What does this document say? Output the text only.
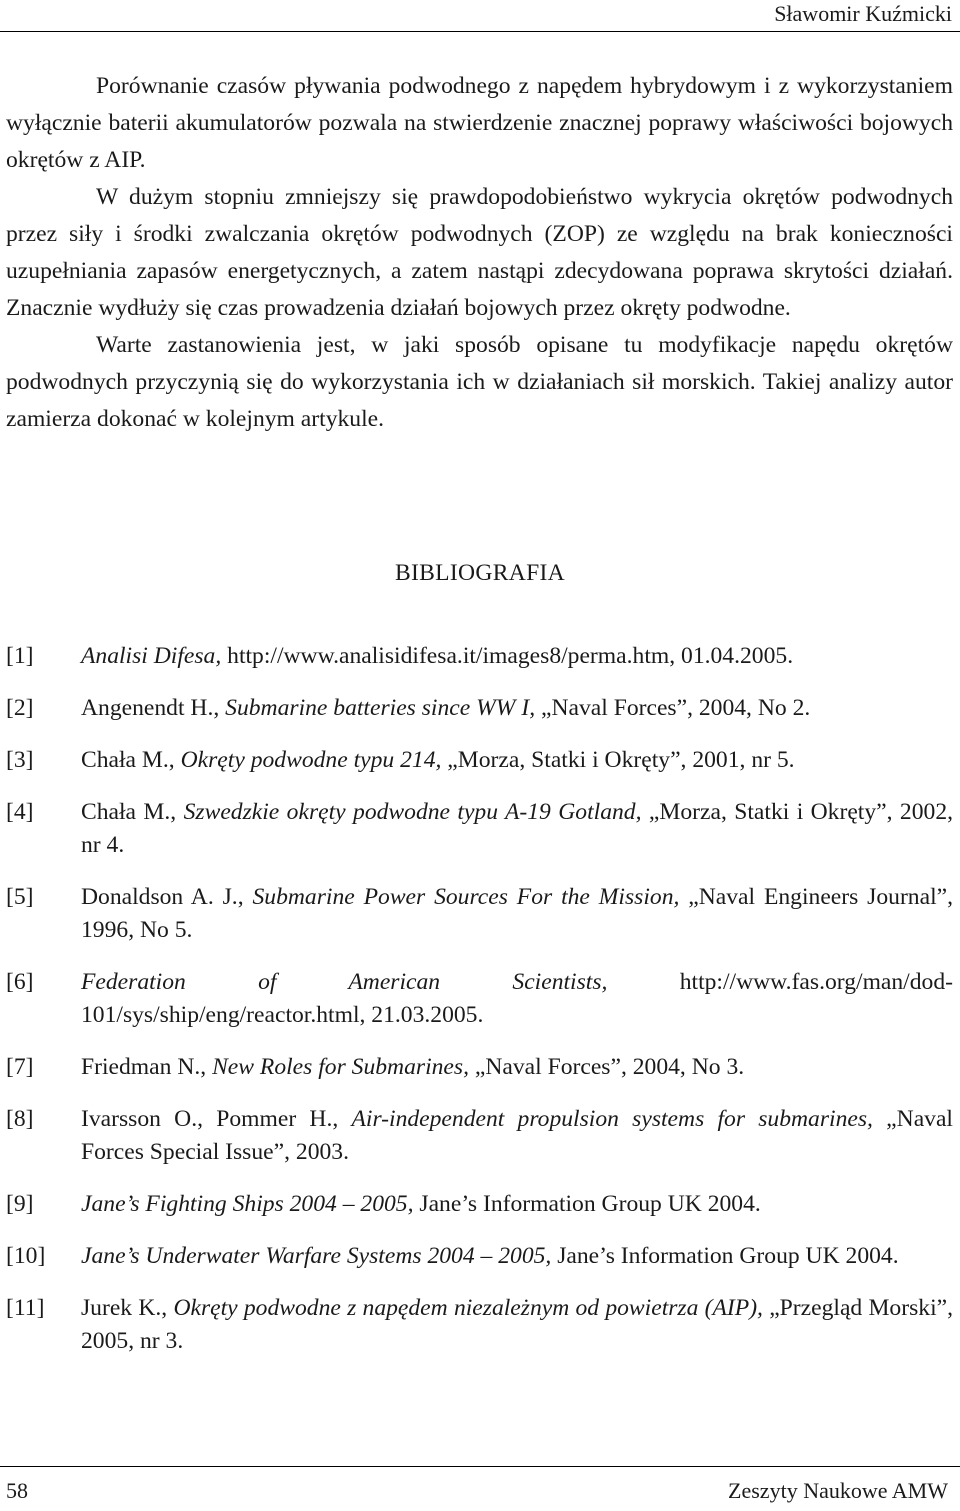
Sławomir Kuźmicki

Porównanie czasów pływania podwodnego z napędem hybrydowym i z wykorzystaniem wyłącznie baterii akumulatorów pozwala na stwierdzenie znacznej poprawy właściwości bojowych okrętów z AIP.

W dużym stopniu zmniejszy się prawdopodobieństwo wykrycia okrętów podwodnych przez siły i środki zwalczania okrętów podwodnych (ZOP) ze względu na brak konieczności uzupełniania zapasów energetycznych, a zatem nastąpi zdecydowana poprawa skrytości działań. Znacznie wydłuży się czas prowadzenia działań bojowych przez okręty podwodne.

Warte zastanowienia jest, w jaki sposób opisane tu modyfikacje napędu okrętów podwodnych przyczynią się do wykorzystania ich w działaniach sił morskich. Takiej analizy autor zamierza dokonać w kolejnym artykule.

BIBLIOGRAFIA
[1] Analisi Difesa, http://www.analisidifesa.it/images8/perma.htm, 01.04.2005.
[2] Angenendt H., Submarine batteries since WW I, „Naval Forces”, 2004, No 2.
[3] Chała M., Okręty podwodne typu 214, „Morza, Statki i Okręty”, 2001, nr 5.
[4] Chała M., Szwedzkie okręty podwodne typu A-19 Gotland, „Morza, Statki i Okręty”, 2002, nr 4.
[5] Donaldson A. J., Submarine Power Sources For the Mission, „Naval Engineers Journal”, 1996, No 5.
[6] Federation of American Scientists, http://www.fas.org/man/dod-101/sys/ship/eng/reactor.html, 21.03.2005.
[7] Friedman N., New Roles for Submarines, „Naval Forces”, 2004, No 3.
[8] Ivarsson O., Pommer H., Air-independent propulsion systems for submarines, „Naval Forces Special Issue”, 2003.
[9] Jane’s Fighting Ships 2004 – 2005, Jane’s Information Group UK 2004.
[10] Jane’s Underwater Warfare Systems 2004 – 2005, Jane’s Information Group UK 2004.
[11] Jurek K., Okręty podwodne z napędem niezależnym od powietrza (AIP), „Przegląd Morski”, 2005, nr 3.
58	Zeszyty Naukowe AMW
